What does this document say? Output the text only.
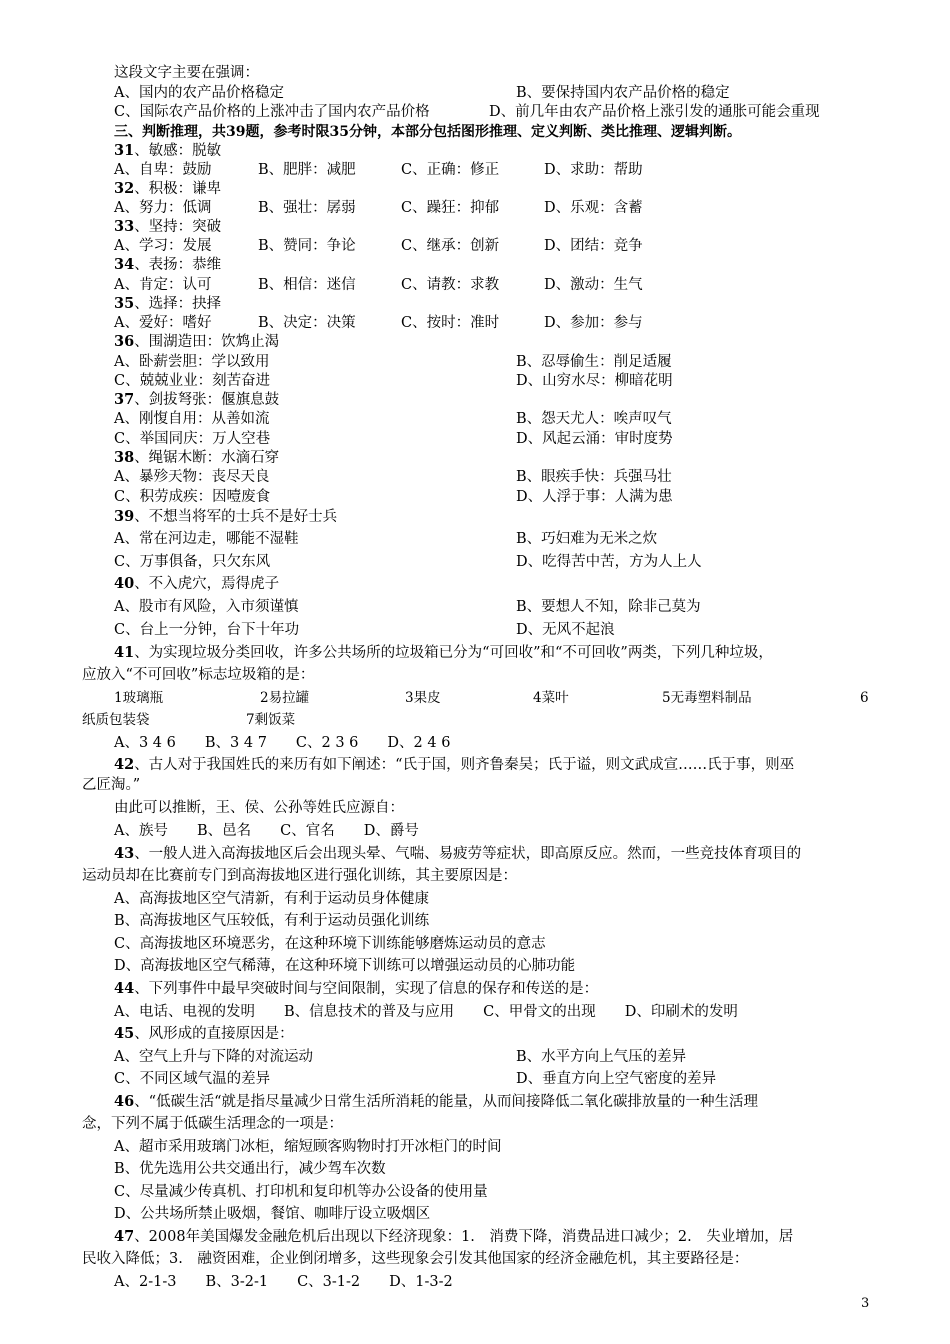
这段文字主要在强调：
A、国内的农产品价格稳定	B、要保持国内农产品价格的稳定
C、国际农产品价格的上涨冲击了国内农产品价格	D、前几年由农产品价格上涨引发的通胀可能会重现
三、判断推理，共39题，参考时限35分钟，本部分包括图形推理、定义判断、类比推理、逻辑判断。
31、敏感：脱敏
A、自卑：鼓励	B、肥胖：减肥	C、正确：修正	D、求助：帮助
32、积极：谦卑
A、努力：低调	B、强壮：孱弱	C、躁狂：抑郁	D、乐观：含蓄
33、坚持：突破
A、学习：发展	B、赞同：争论	C、继承：创新	D、团结：竞争
34、表扬：恭维
A、肯定：认可	B、相信：迷信	C、请教：求教	D、激动：生气
35、选择：抉择
A、爱好：嗜好	B、决定：决策	C、按时：准时	D、参加：参与
36、围湖造田：饮鸩止渴
A、卧薪尝胆：学以致用	B、忍辱偷生：削足适履
C、兢兢业业：刻苦奋进	D、山穷水尽：柳暗花明
37、剑拔弩张：偃旗息鼓
A、刚愎自用：从善如流	B、怨天尤人：唉声叹气
C、举国同庆：万人空巷	D、风起云涌：审时度势
38、绳锯木断：水滴石穿
A、暴殄天物：丧尽天良	B、眼疾手快：兵强马壮
C、积劳成疾：因噎废食	D、人浮于事：人满为患
39、不想当将军的士兵不是好士兵
A、常在河边走，哪能不湿鞋	B、巧妇难为无米之炊
C、万事俱备，只欠东风	D、吃得苦中苦，方为人上人
40、不入虎穴，焉得虎子
A、股市有风险，入市须谨慎	B、要想人不知，除非己莫为
C、台上一分钟，台下十年功	D、无风不起浪
41、为实现垃圾分类回收，许多公共场所的垃圾箱已分为“可回收”和“不可回收”两类，下列几种垃圾，
应放入“不可回收”标志垃圾箱的是：
1玻璃瓶	2易拉罐	3果皮	4菜叶	5无毒塑料制品	6
纸质包装袋	7剩饭菜
A、3 4 6　　B、3 4 7　　C、2 3 6　　D、2 4 6
42、古人对于我国姓氏的来历有如下阐述：“氏于国，则齐鲁秦吴；氏于谥，则文武成宣……氏于事，则巫
乙匠淘。”
由此可以推断，王、侯、公孙等姓氏应源自：
A、族号　　B、邑名　　C、官名　　D、爵号
43、一般人进入高海拔地区后会出现头晕、气喘、易疲劳等症状，即高原反应。然而，一些竞技体育项目的
运动员却在比赛前专门到高海拔地区进行强化训练，其主要原因是：
A、高海拔地区空气清新，有利于运动员身体健康
B、高海拔地区气压较低，有利于运动员强化训练
C、高海拔地区环境恶劣，在这种环境下训练能够磨炼运动员的意志
D、高海拔地区空气稀薄，在这种环境下训练可以增强运动员的心肺功能
44、下列事件中最早突破时间与空间限制，实现了信息的保存和传送的是：
A、电话、电视的发明　　B、信息技术的普及与应用　　C、甲骨文的出现　　D、印刷术的发明
45、风形成的直接原因是：
A、空气上升与下降的对流运动	B、水平方向上气压的差异
C、不同区域气温的差异	D、垂直方向上空气密度的差异
46、“低碳生活“就是指尽量减少日常生活所消耗的能量，从而间接降低二氧化碳排放量的一种生活理
念，下列不属于低碳生活理念的一项是：
A、超市采用玻璃门冰柜，缩短顾客购物时打开冰柜门的时间
B、优先选用公共交通出行，减少驾车次数
C、尽量减少传真机、打印机和复印机等办公设备的使用量
D、公共场所禁止吸烟，餐馆、咖啡厅设立吸烟区
47、2008年美国爆发金融危机后出现以下经济现象：1.　消费下降，消费品进口减少；2.　失业增加，居
民收入降低；3.　融资困难，企业倒闭增多，这些现象会引发其他国家的经济金融危机，其主要路径是：
A、2-1-3　　B、3-2-1　　C、3-1-2　　D、1-3-2
3
